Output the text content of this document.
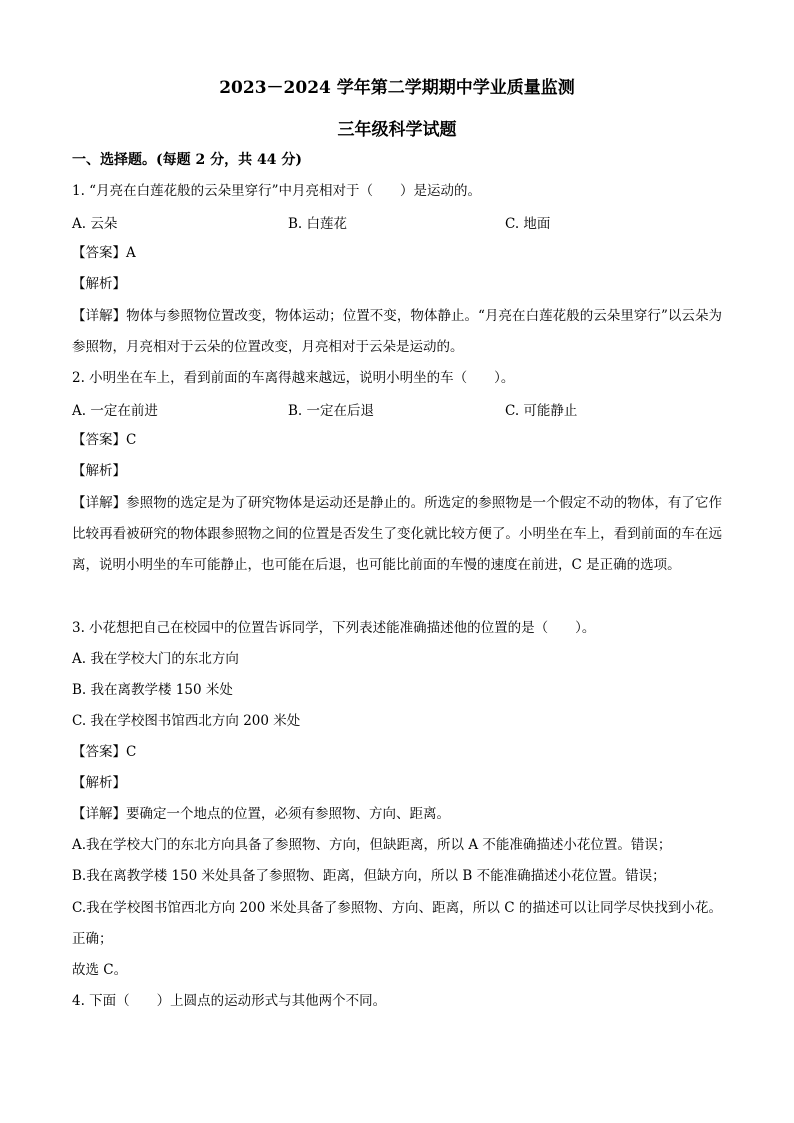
2023－2024 学年第二学期期中学业质量监测
三年级科学试题
一、选择题。(每题 2 分，共 44 分)
1. “月亮在白莲花般的云朵里穿行”中月亮相对于（　　）是运动的。
A. 云朵	B. 白莲花	C. 地面
【答案】A
【解析】
【详解】物体与参照物位置改变，物体运动；位置不变，物体静止。“月亮在白莲花般的云朵里穿行”以云朵为参照物，月亮相对于云朵的位置改变，月亮相对于云朵是运动的。
2. 小明坐在车上，看到前面的车离得越来越远，说明小明坐的车（　　）。
A. 一定在前进	B. 一定在后退	C. 可能静止
【答案】C
【解析】
【详解】参照物的选定是为了研究物体是运动还是静止的。所选定的参照物是一个假定不动的物体，有了它作比较再看被研究的物体跟参照物之间的位置是否发生了变化就比较方便了。小明坐在车上，看到前面的车在远离，说明小明坐的车可能静止，也可能在后退，也可能比前面的车慢的速度在前进，C 是正确的选项。
3. 小花想把自己在校园中的位置告诉同学，下列表述能准确描述他的位置的是（　　）。
A. 我在学校大门的东北方向
B. 我在离教学楼 150 米处
C. 我在学校图书馆西北方向 200 米处
【答案】C
【解析】
【详解】要确定一个地点的位置，必须有参照物、方向、距离。
A.我在学校大门的东北方向具备了参照物、方向，但缺距离，所以 A 不能准确描述小花位置。错误；
B.我在离教学楼 150 米处具备了参照物、距离，但缺方向，所以 B 不能准确描述小花位置。错误；
C.我在学校图书馆西北方向 200 米处具备了参照物、方向、距离，所以 C 的描述可以让同学尽快找到小花。正确；
故选 C。
4. 下面（　　）上圆点的运动形式与其他两个不同。
